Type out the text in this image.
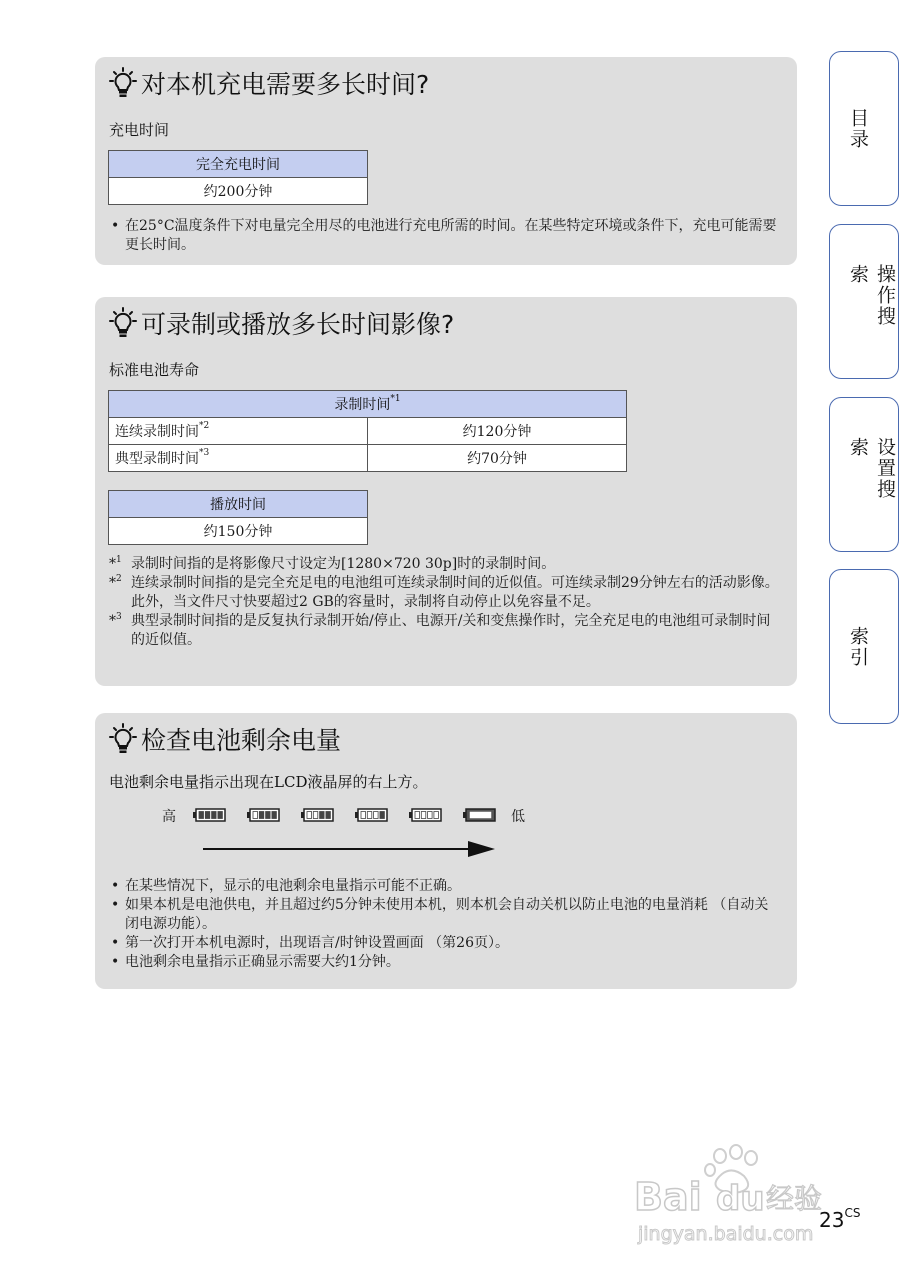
对本机充电需要多长时间?
充电时间
完全充电时间
约200分钟
• 在25°C温度条件下对电量完全用尽的电池进行充电所需的时间。在某些特定环境或条件下，充电可能需要更长时间。
可录制或播放多长时间影像?
标准电池寿命
录制时间$^{*1}$
连续录制时间$^{*2}$	约120分钟
典型录制时间$^{*3}$	约70分钟
播放时间
约150分钟
*$^1$ 录制时间指的是将影像尺寸设定为[1280×720 30p]时的录制时间。
*$^2$ 连续录制时间指的是完全充足电的电池组可连续录制时间的近似值。可连续录制29分钟左右的活动影像。此外，当文件尺寸快要超过2 GB的容量时，录制将自动停止以免容量不足。
*$^3$ 典型录制时间指的是反复执行录制开始/停止、电源开/关和变焦操作时，完全充足电的电池组可录制时间的近似值。
检查电池剩余电量
电池剩余电量指示出现在LCD液晶屏的右上方。
• 在某些情况下，显示的电池剩余电量指示可能不正确。
• 如果本机是电池供电，并且超过约5分钟未使用本机，则本机会自动关机以防止电池的电量消耗 （自动关闭电源功能）。
• 第一次打开本机电源时，出现语言/时钟设置画面 （第26页）。
• 电池剩余电量指示正确显示需要大约1分钟。
高	低
目录
操作搜索
设置搜索
索引
Bai du 经验
jingyan.baidu.com
$23^{CS}$
